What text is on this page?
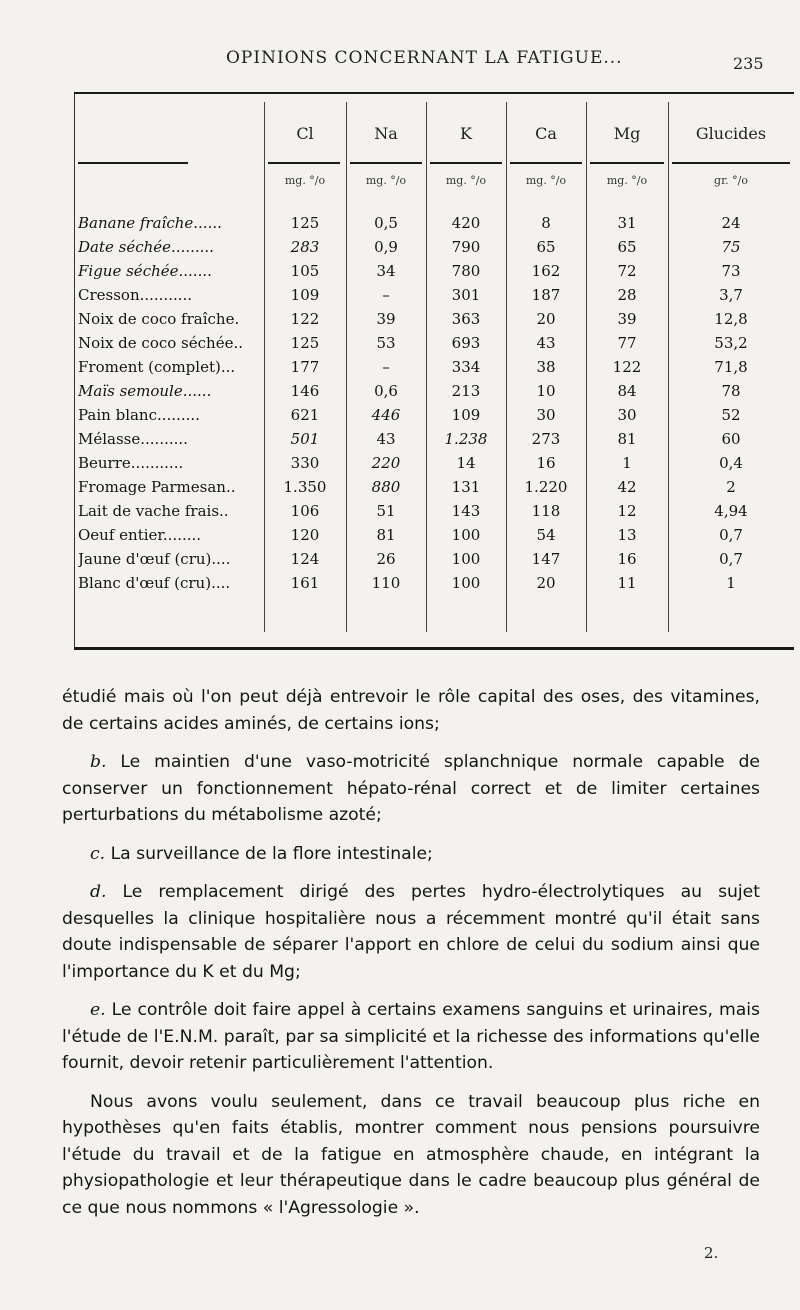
OPINIONS CONCERNANT LA FATIGUE...	235
Cl	Na	K	Ca	Mg	Glucides
mg. °/o	mg. °/o	mg. °/o	mg. °/o	mg. °/o	gr. °/o
Banane fraîche......	125	0,5	420	8	31	24
Date séchée.........	283	0,9	790	65	65	75
Figue séchée.......	105	34	780	162	72	73
Cresson...........	109	–	301	187	28	3,7
Noix de coco fraîche.	122	39	363	20	39	12,8
Noix de coco séchée..	125	53	693	43	77	53,2
Froment (complet)...	177	–	334	38	122	71,8
Maïs semoule......	146	0,6	213	10	84	78
Pain blanc.........	621	446	109	30	30	52
Mélasse..........	501	43	1.238	273	81	60
Beurre...........	330	220	14	16	1	0,4
Fromage Parmesan..	1.350	880	131	1.220	42	2
Lait de vache frais..	106	51	143	118	12	4,94
Oeuf entier........	120	81	100	54	13	0,7
Jaune d'œuf (cru)....	124	26	100	147	16	0,7
Blanc d'œuf (cru)....	161	110	100	20	11	1

étudié mais où l'on peut déjà entrevoir le rôle capital des oses, des vitamines, de certains acides aminés, de certains ions;

b. Le maintien d'une vaso-motricité splanchnique normale capable de conserver un fonctionnement hépato-rénal correct et de limiter certaines perturbations du métabolisme azoté;

c. La surveillance de la flore intestinale;

d. Le remplacement dirigé des pertes hydro-électrolytiques au sujet desquelles la clinique hospitalière nous a récemment montré qu'il était sans doute indispensable de séparer l'apport en chlore de celui du sodium ainsi que l'importance du K et du Mg;

e. Le contrôle doit faire appel à certains examens sanguins et urinaires, mais l'étude de l'E.N.M. paraît, par sa simplicité et la richesse des informations qu'elle fournit, devoir retenir particulièrement l'attention.

Nous avons voulu seulement, dans ce travail beaucoup plus riche en hypothèses qu'en faits établis, montrer comment nous pensions poursuivre l'étude du travail et de la fatigue en atmosphère chaude, en intégrant la physiopathologie et leur thérapeutique dans le cadre beaucoup plus général de ce que nous nommons « l'Agressologie ».

2.
